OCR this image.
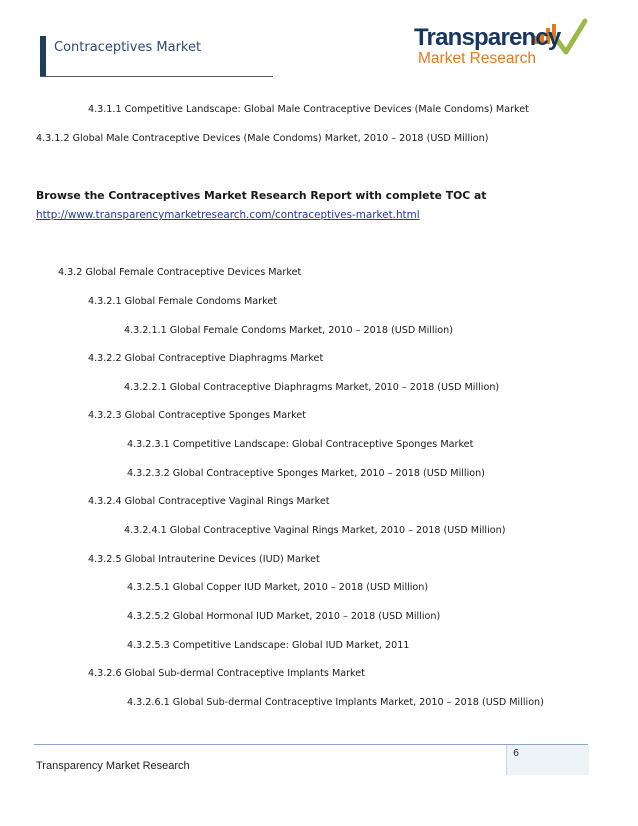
Contraceptives Market	Transparency
Market Research
4.3.1.1 Competitive Landscape: Global Male Contraceptive Devices (Male Condoms) Market
4.3.1.2 Global Male Contraceptive Devices (Male Condoms) Market, 2010 – 2018 (USD Million)
Browse the Contraceptives Market Research Report with complete TOC at
http://www.transparencymarketresearch.com/contraceptives-market.html
4.3.2 Global Female Contraceptive Devices Market
4.3.2.1 Global Female Condoms Market
4.3.2.1.1 Global Female Condoms Market, 2010 – 2018 (USD Million)
4.3.2.2 Global Contraceptive Diaphragms Market
4.3.2.2.1 Global Contraceptive Diaphragms Market, 2010 – 2018 (USD Million)
4.3.2.3 Global Contraceptive Sponges Market
4.3.2.3.1 Competitive Landscape: Global Contraceptive Sponges Market
4.3.2.3.2 Global Contraceptive Sponges Market, 2010 – 2018 (USD Million)
4.3.2.4 Global Contraceptive Vaginal Rings Market
4.3.2.4.1 Global Contraceptive Vaginal Rings Market, 2010 – 2018 (USD Million)
4.3.2.5 Global Intrauterine Devices (IUD) Market
4.3.2.5.1 Global Copper IUD Market, 2010 – 2018 (USD Million)
4.3.2.5.2 Global Hormonal IUD Market, 2010 – 2018 (USD Million)
4.3.2.5.3 Competitive Landscape: Global IUD Market, 2011
4.3.2.6 Global Sub-dermal Contraceptive Implants Market
4.3.2.6.1 Global Sub-dermal Contraceptive Implants Market, 2010 – 2018 (USD Million)
6
Transparency Market Research
